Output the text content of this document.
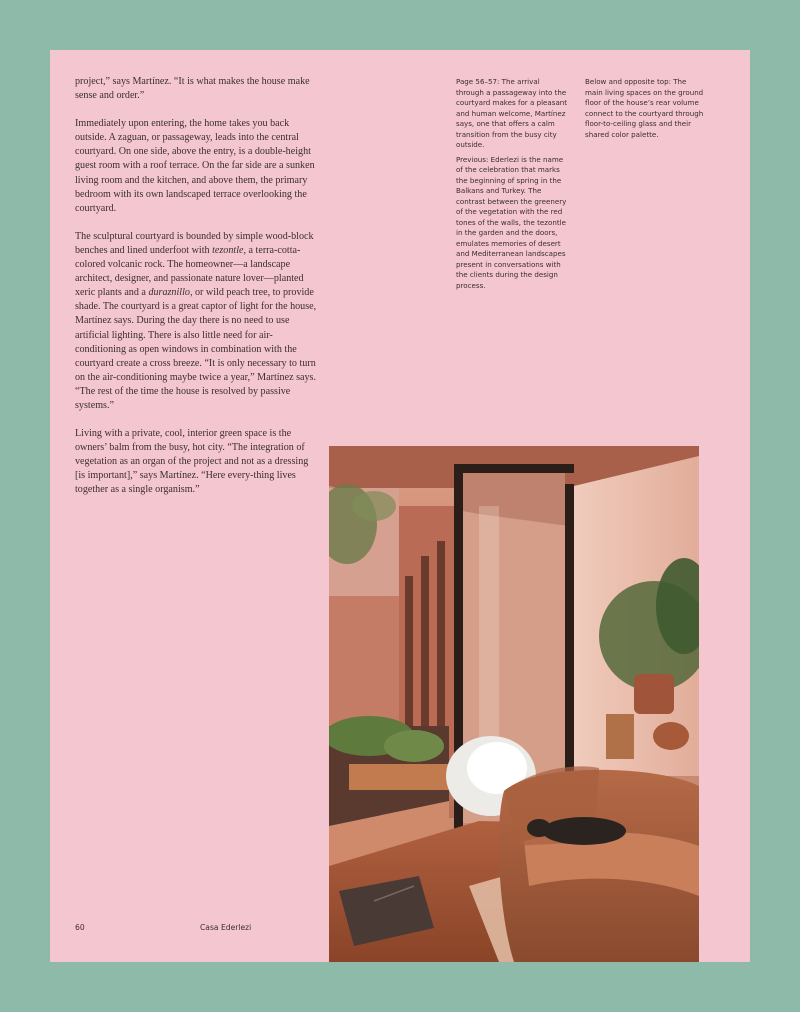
project,” says Martínez. “It is what makes the house make sense and order.”

Immediately upon entering, the home takes you back outside. A zaguan, or passageway, leads into the central courtyard. On one side, above the entry, is a double-height guest room with a roof terrace. On the far side are a sunken living room and the kitchen, and above them, the primary bedroom with its own landscaped terrace overlooking the courtyard.

The sculptural courtyard is bounded by simple wood-block benches and lined underfoot with tezontle, a terra-cotta-colored volcanic rock. The homeowner—a landscape architect, designer, and passionate nature lover—planted xeric plants and a duraznillo, or wild peach tree, to provide shade. The courtyard is a great captor of light for the house, Martínez says. During the day there is no need to use artificial lighting. There is also little need for air-conditioning as open windows in combination with the courtyard create a cross breeze. “It is only necessary to turn on the air-conditioning maybe twice a year,” Martínez says. “The rest of the time the house is resolved by passive systems.”

Living with a private, cool, interior green space is the owners’ balm from the busy, hot city. “The integration of vegetation as an organ of the project and not as a dressing [is important],” says Martínez. “Here every-thing lives together as a single organism.”

Page 56–57: The arrival through a passageway into the courtyard makes for a pleasant and human welcome, Martínez says, one that offers a calm transition from the busy city outside.

Previous: Ederlezi is the name of the celebration that marks the beginning of spring in the Balkans and Turkey. The contrast between the greenery of the vegetation with the red tones of the walls, the tezontle in the garden and the doors, emulates memories of desert and Mediterranean landscapes present in conversations with the clients during the design process.

Below and opposite top: The main living spaces on the ground floor of the house’s rear volume connect to the courtyard through floor-to-ceiling glass and their shared color palette.

60	Casa Ederlezi
